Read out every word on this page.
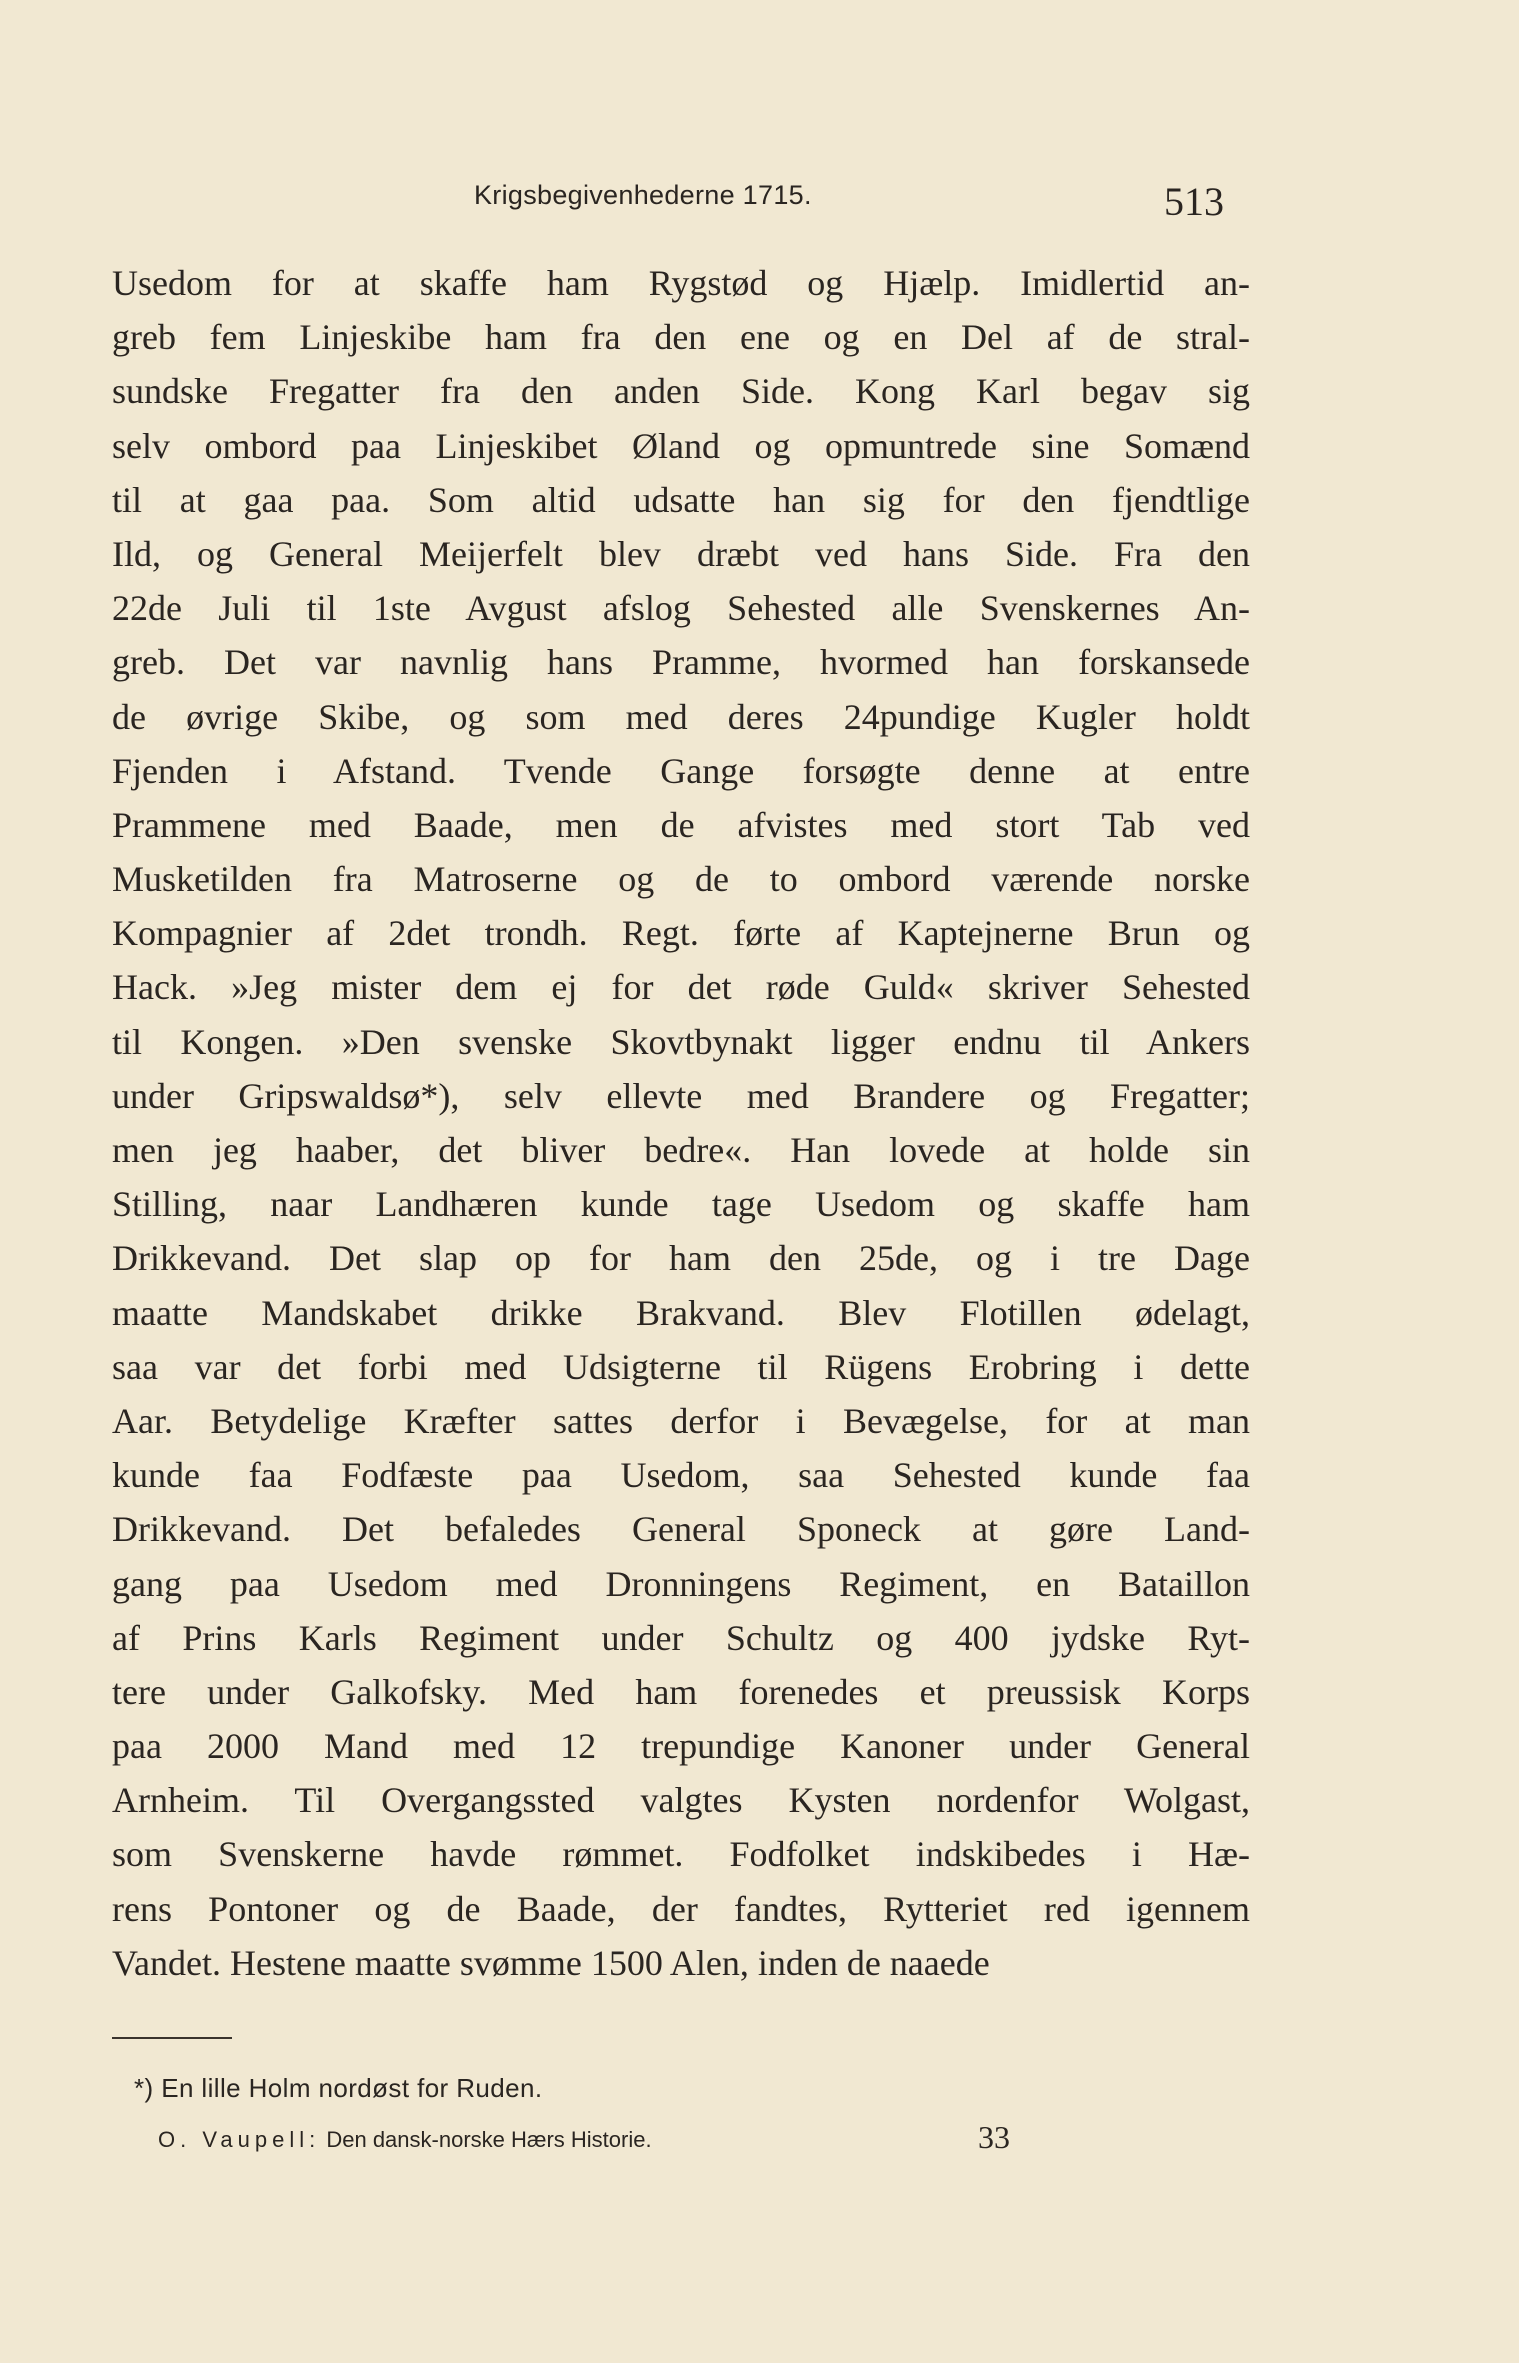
Krigsbegivenhederne 1715.	513
Usedom for at skaffe ham Rygstød og Hjælp. Imidlertid an-
greb fem Linjeskibe ham fra den ene og en Del af de stral-
sundske Fregatter fra den anden Side. Kong Karl begav sig
selv ombord paa Linjeskibet Øland og opmuntrede sine Somænd
til at gaa paa. Som altid udsatte han sig for den fjendtlige
Ild, og General Meijerfelt blev dræbt ved hans Side. Fra den
22de Juli til 1ste Avgust afslog Sehested alle Svenskernes An-
greb. Det var navnlig hans Pramme, hvormed han forskansede
de øvrige Skibe, og som med deres 24pundige Kugler holdt
Fjenden i Afstand. Tvende Gange forsøgte denne at entre
Prammene med Baade, men de afvistes med stort Tab ved
Musketilden fra Matroserne og de to ombord værende norske
Kompagnier af 2det trondh. Regt. førte af Kaptejnerne Brun og
Hack. »Jeg mister dem ej for det røde Guld« skriver Sehested
til Kongen. »Den svenske Skovtbynakt ligger endnu til Ankers
under Gripswaldsø*), selv ellevte med Brandere og Fregatter;
men jeg haaber, det bliver bedre«. Han lovede at holde sin
Stilling, naar Landhæren kunde tage Usedom og skaffe ham
Drikkevand. Det slap op for ham den 25de, og i tre Dage
maatte Mandskabet drikke Brakvand. Blev Flotillen ødelagt,
saa var det forbi med Udsigterne til Rügens Erobring i dette
Aar. Betydelige Kræfter sattes derfor i Bevægelse, for at man
kunde faa Fodfæste paa Usedom, saa Sehested kunde faa
Drikkevand. Det befaledes General Sponeck at gøre Land-
gang paa Usedom med Dronningens Regiment, en Bataillon
af Prins Karls Regiment under Schultz og 400 jydske Ryt-
tere under Galkofsky. Med ham forenedes et preussisk Korps
paa 2000 Mand med 12 trepundige Kanoner under General
Arnheim. Til Overgangssted valgtes Kysten nordenfor Wolgast,
som Svenskerne havde rømmet. Fodfolket indskibedes i Hæ-
rens Pontoner og de Baade, der fandtes, Rytteriet red igennem
Vandet. Hestene maatte svømme 1500 Alen, inden de naaede
*) En lille Holm nordøst for Ruden.
O. Vaupell: Den dansk-norske Hærs Historie.	33
